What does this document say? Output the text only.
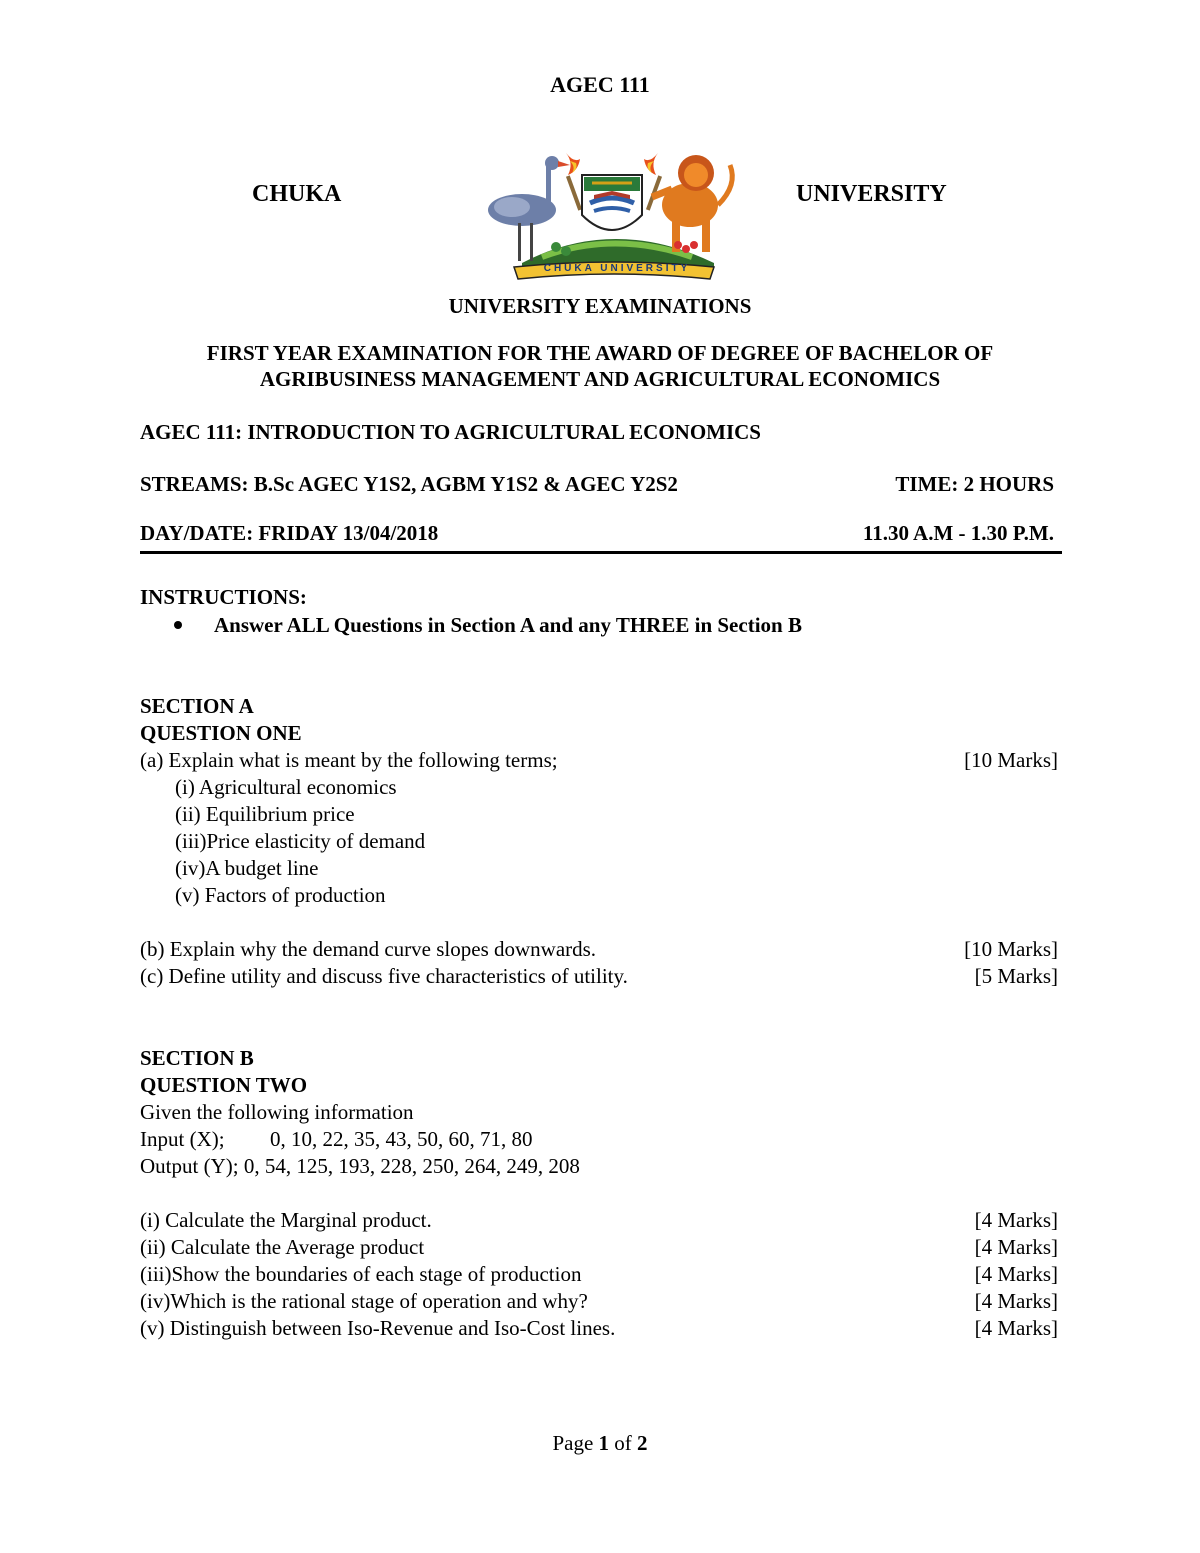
AGEC 111
CHUKA	UNIVERSITY
CHUKA UNIVERSITY
UNIVERSITY EXAMINATIONS
FIRST YEAR EXAMINATION FOR THE AWARD OF DEGREE OF BACHELOR OF
AGRIBUSINESS MANAGEMENT AND AGRICULTURAL ECONOMICS
AGEC 111: INTRODUCTION TO AGRICULTURAL ECONOMICS
STREAMS: B.Sc AGEC Y1S2, AGBM Y1S2 & AGEC Y2S2	TIME: 2 HOURS
DAY/DATE: FRIDAY 13/04/2018	11.30 A.M - 1.30 P.M.
INSTRUCTIONS:
Answer ALL Questions in Section A and any THREE in Section B
SECTION A
QUESTION ONE
(a) Explain what is meant by the following terms;	[10 Marks]
(i) Agricultural economics
(ii) Equilibrium price
(iii)Price elasticity of demand
(iv)A budget line
(v) Factors of production
(b) Explain why the demand curve slopes downwards.	[10 Marks]
(c) Define utility and discuss five characteristics of utility.	[5 Marks]
SECTION B
QUESTION TWO
Given the following information
Input (X); 0, 10, 22, 35, 43, 50, 60, 71, 80
Output (Y); 0, 54, 125, 193, 228, 250, 264, 249, 208
(i) Calculate the Marginal product.	[4 Marks]
(ii) Calculate the Average product	[4 Marks]
(iii)Show the boundaries of each stage of production	[4 Marks]
(iv)Which is the rational stage of operation and why?	[4 Marks]
(v) Distinguish between Iso-Revenue and Iso-Cost lines.	[4 Marks]
Page 1 of 2
